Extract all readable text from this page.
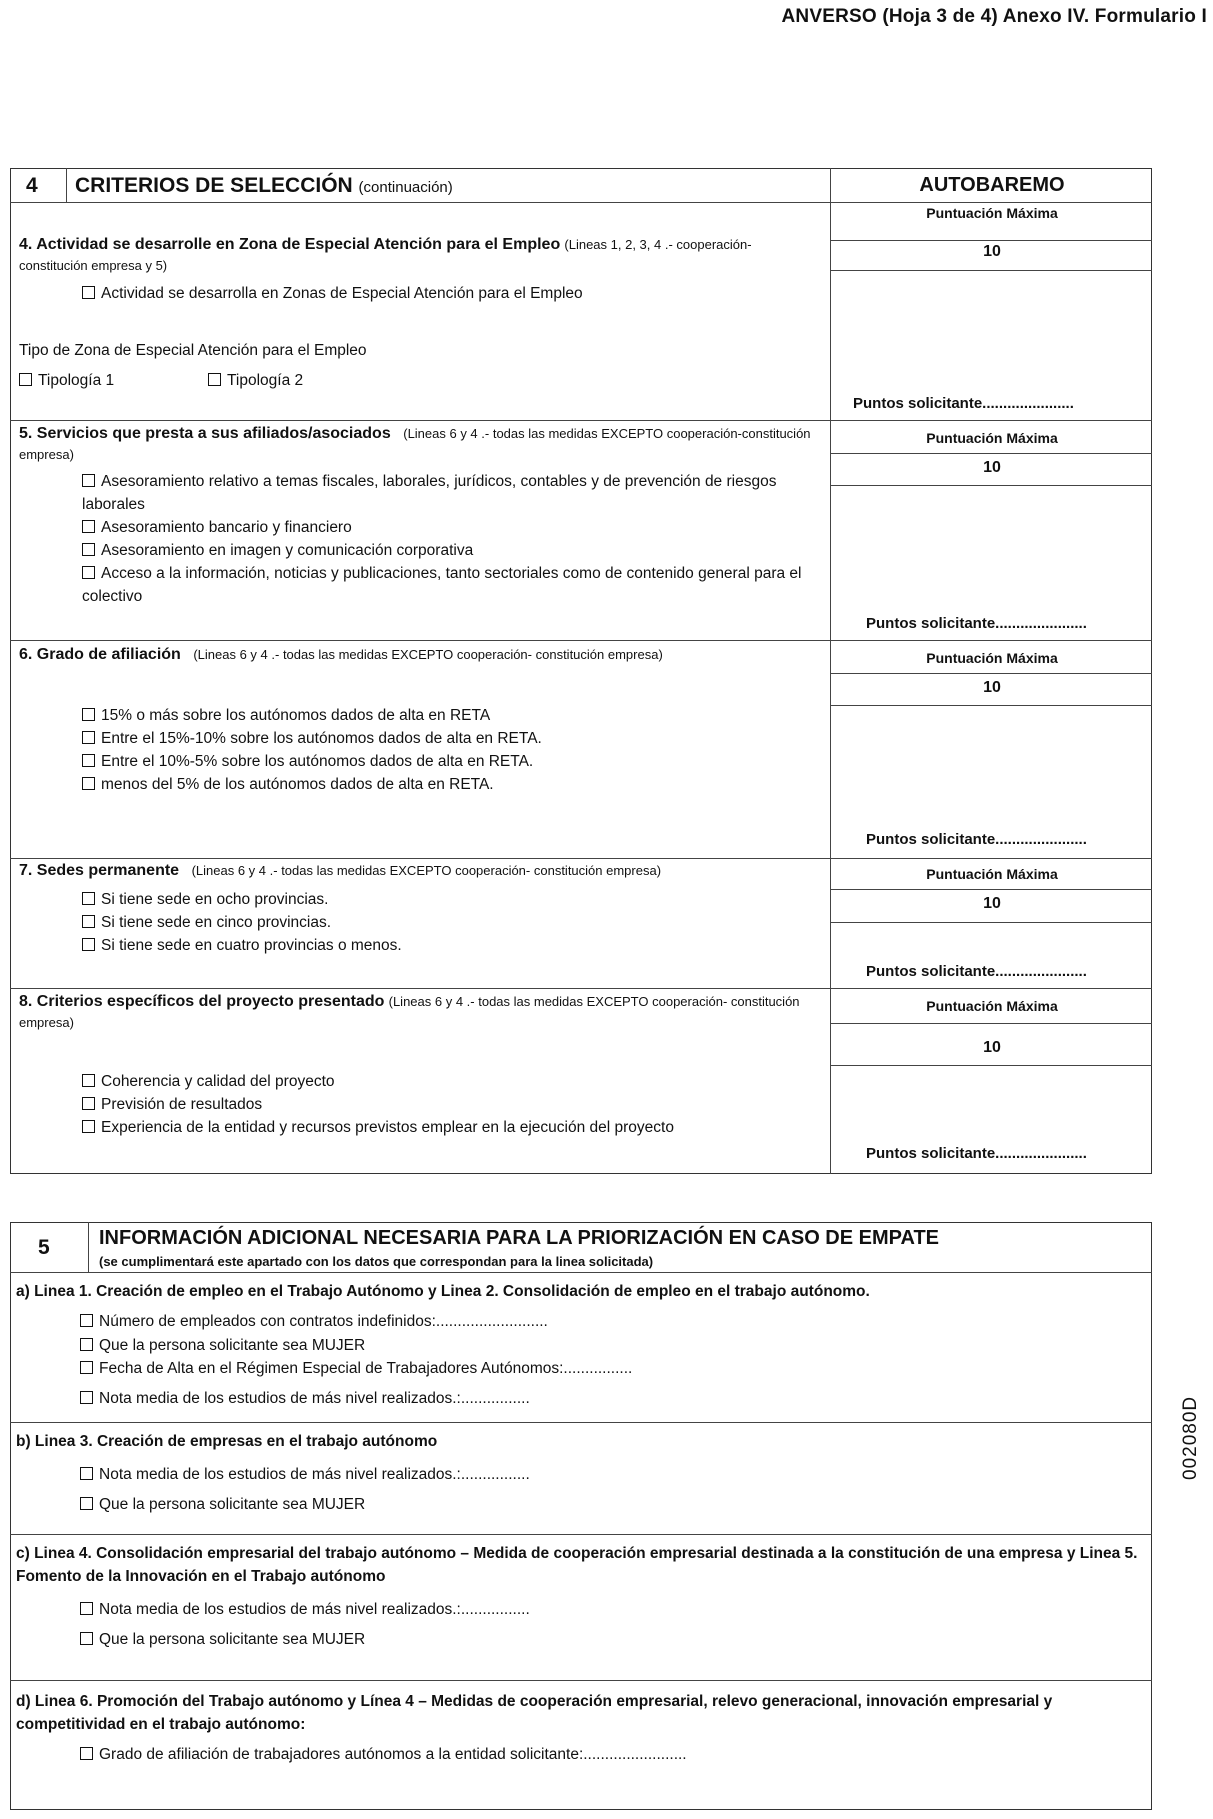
ANVERSO (Hoja 3 de 4) Anexo IV. Formulario I
4 CRITERIOS DE SELECCIÓN (continuación)	AUTOBAREMO
Puntuación Máxima
10
4. Actividad se desarrolle en Zona de Especial Atención para el Empleo (Lineas 1, 2, 3, 4 .- cooperación-constitución empresa y 5)
Actividad se desarrolla en Zonas de Especial Atención para el Empleo
Tipo de Zona de Especial Atención para el Empleo
Tipología 1	Tipología 2
Puntos solicitante......................
Puntuación Máxima
10
5. Servicios que presta a sus afiliados/asociados (Lineas 6 y 4 .- todas las medidas EXCEPTO cooperación-constitución empresa)
Asesoramiento relativo a temas fiscales, laborales, jurídicos, contables y de prevención de riesgos laborales
Asesoramiento bancario y financiero
Asesoramiento en imagen y comunicación corporativa
Acceso a la información, noticias y publicaciones, tanto sectoriales como de contenido general para el colectivo
Puntos solicitante......................
Puntuación Máxima
10
6. Grado de afiliación (Lineas 6 y 4 .- todas las medidas EXCEPTO cooperación- constitución empresa)
15% o más sobre los autónomos dados de alta en RETA
Entre el 15%-10% sobre los autónomos dados de alta en RETA.
Entre el 10%-5% sobre los autónomos dados de alta en RETA.
menos del 5% de los autónomos dados de alta en RETA.
Puntos solicitante......................
Puntuación Máxima
10
7. Sedes permanente (Lineas 6 y 4 .- todas las medidas EXCEPTO cooperación- constitución empresa)
Si tiene sede en ocho provincias.
Si tiene sede en cinco provincias.
Si tiene sede en cuatro provincias o menos.
Puntos solicitante......................
Puntuación Máxima
10
8. Criterios específicos del proyecto presentado (Lineas 6 y 4 .- todas las medidas EXCEPTO cooperación- constitución empresa)
Coherencia y calidad del proyecto
Previsión de resultados
Experiencia de la entidad y recursos previstos emplear en la ejecución del proyecto
Puntos solicitante......................
5 INFORMACIÓN ADICIONAL NECESARIA PARA LA PRIORIZACIÓN EN CASO DE EMPATE
(se cumplimentará este apartado con los datos que correspondan para la linea solicitada)
a) Linea 1. Creación de empleo en el Trabajo Autónomo y Linea 2. Consolidación de empleo en el trabajo autónomo.
Número de empleados con contratos indefinidos:..........................
Que la persona solicitante sea MUJER
Fecha de Alta en el Régimen Especial de Trabajadores Autónomos:................
Nota media de los estudios de más nivel realizados.:................
b) Linea 3. Creación de empresas en el trabajo autónomo
Nota media de los estudios de más nivel realizados.:................
Que la persona solicitante sea MUJER
c) Linea 4. Consolidación empresarial del trabajo autónomo – Medida de cooperación empresarial destinada a la constitución de una empresa y Linea 5. Fomento de la Innovación en el Trabajo autónomo
Nota media de los estudios de más nivel realizados.:................
Que la persona solicitante sea MUJER
d) Linea 6. Promoción del Trabajo autónomo y Línea 4 – Medidas de cooperación empresarial, relevo generacional, innovación empresarial y competitividad en el trabajo autónomo:
Grado de afiliación de trabajadores autónomos a la entidad solicitante:........................
002080D
